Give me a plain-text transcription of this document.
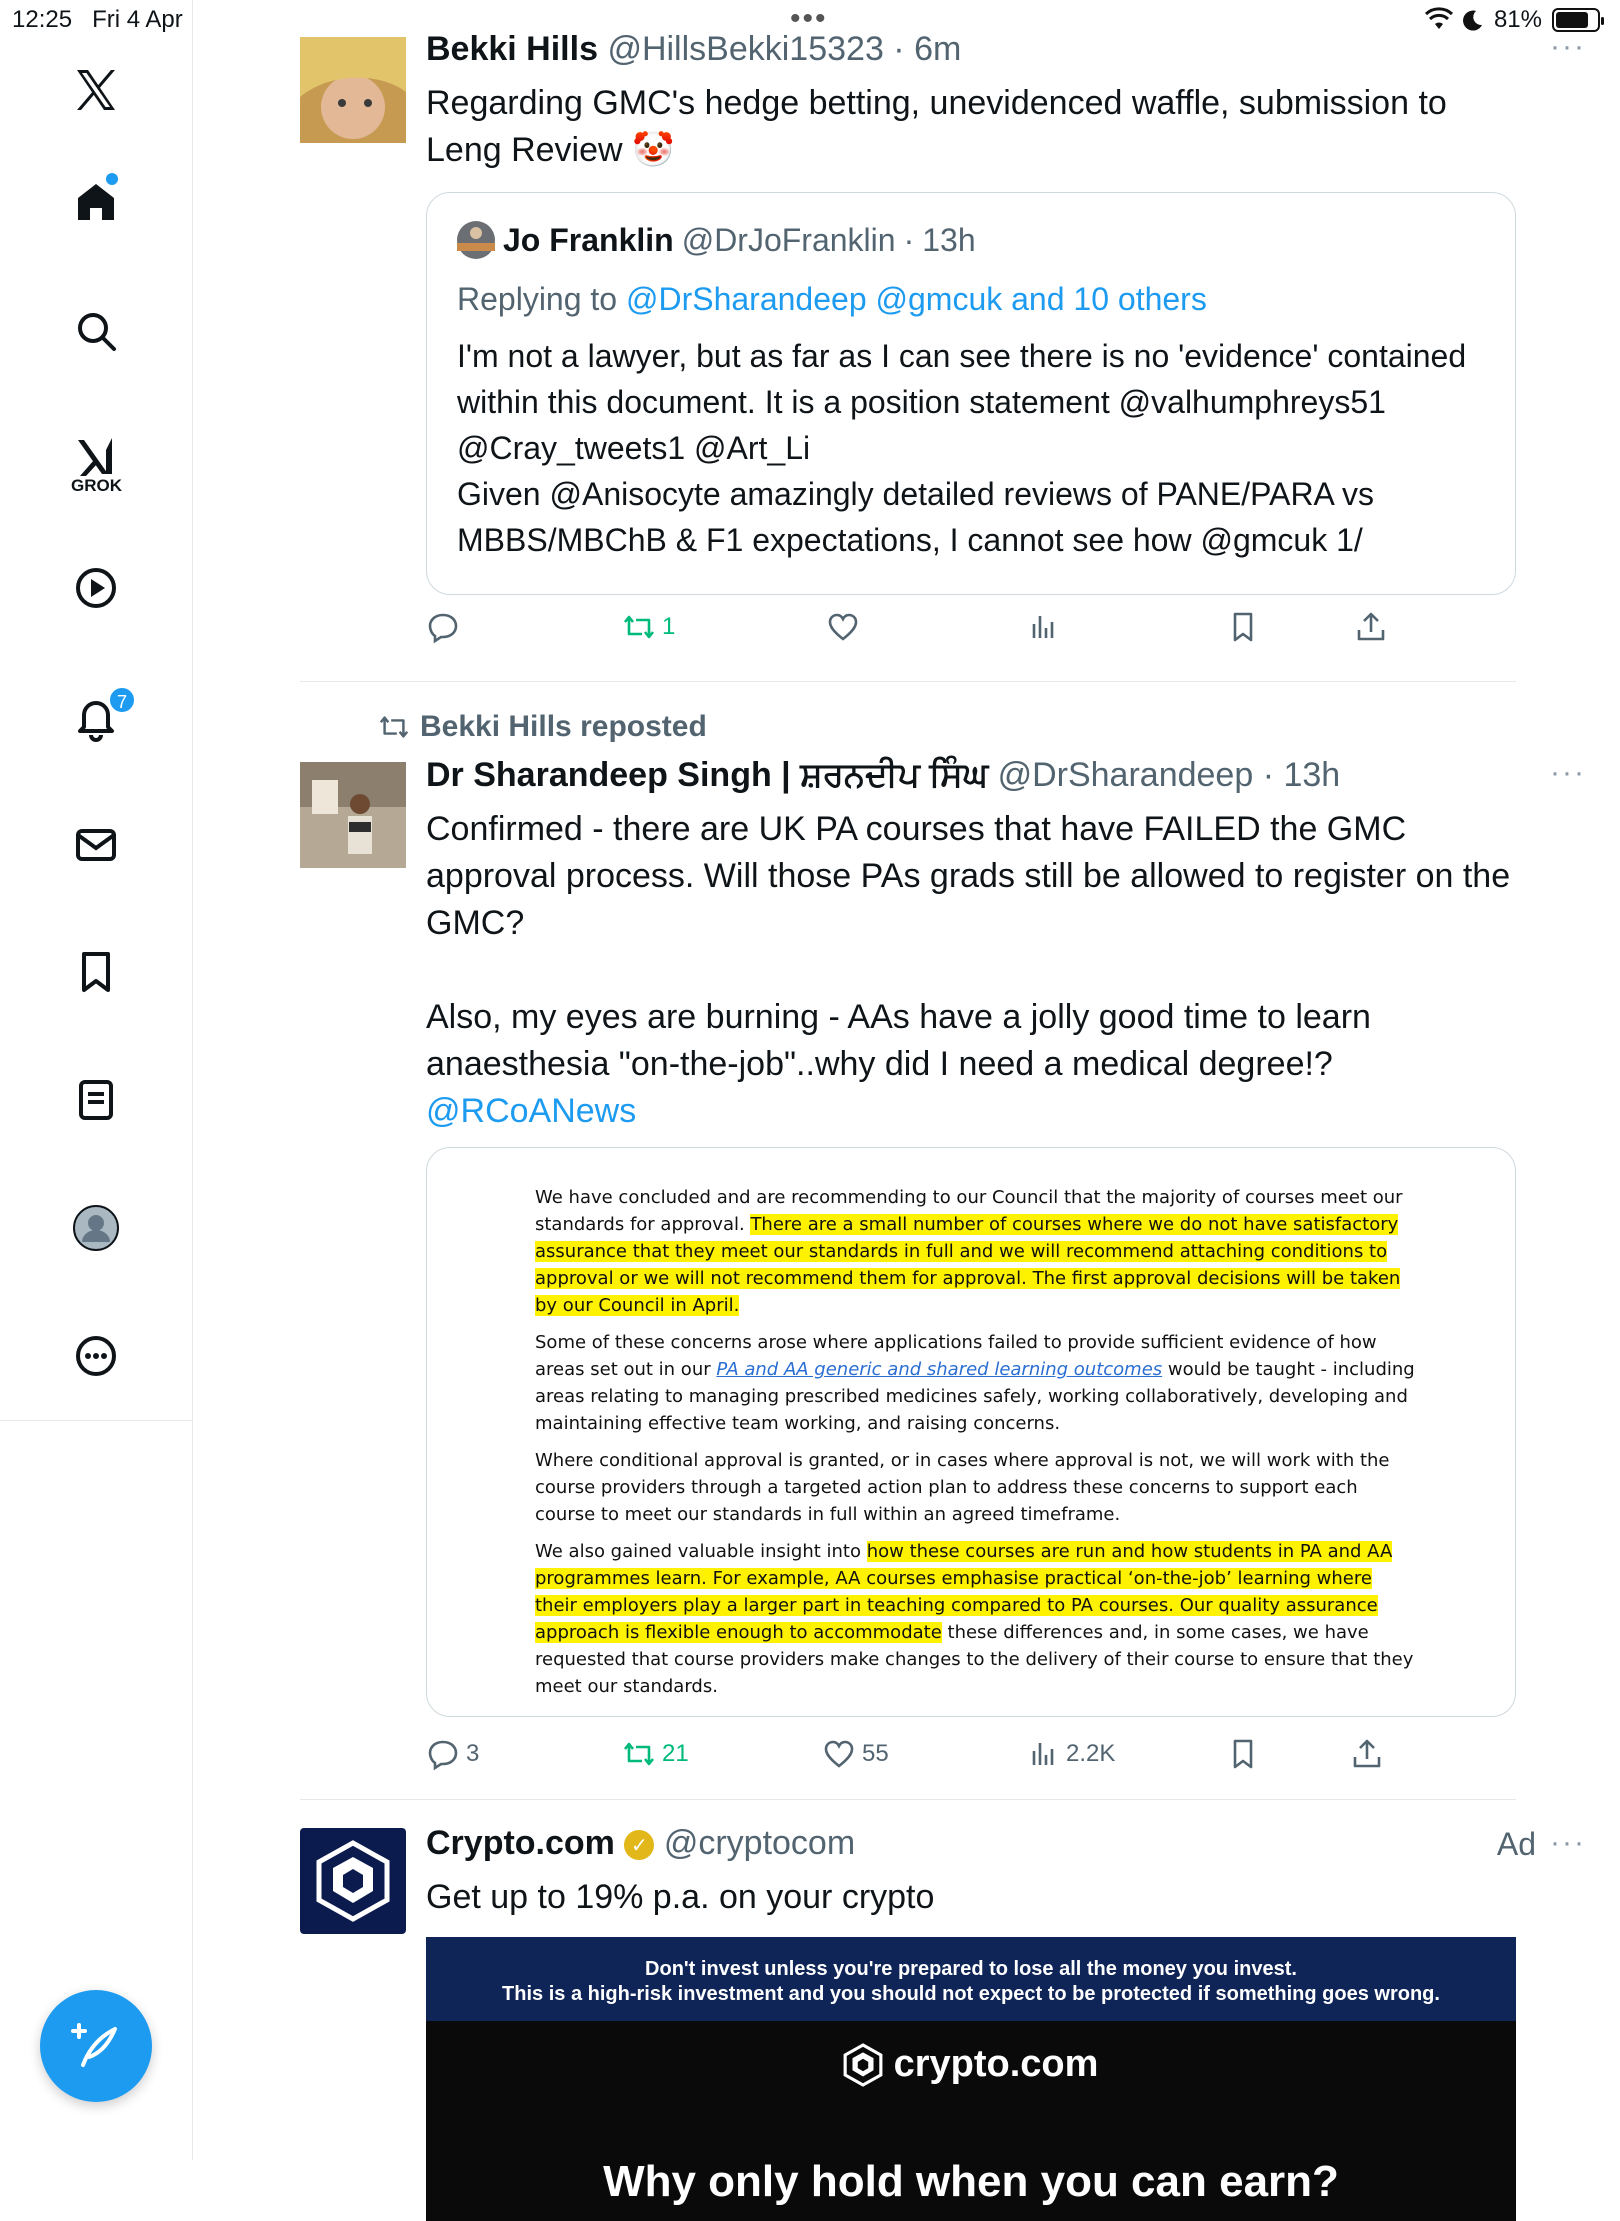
12:25 Fri 4 Apr	•••	81%
GROK
7
Bekki Hills @HillsBekki15323 · 6m	···
Regarding GMC's hedge betting, unevidenced waffle, submission to Leng Review 🤡
Jo Franklin @DrJoFranklin · 13h
Replying to @DrSharandeep @gmcuk and 10 others
I'm not a lawyer, but as far as I can see there is no 'evidence' contained within this document. It is a position statement @valhumphreys51 @Cray_tweets1 @Art_Li
Given @Anisocyte amazingly detailed reviews of PANE/PARA vs MBBS/MBChB & F1 expectations, I cannot see how @gmcuk 1/
1
Bekki Hills reposted
Dr Sharandeep Singh | ਸ਼ਰਨਦੀਪ ਸਿੰਘ @DrSharandeep · 13h	···
Confirmed - there are UK PA courses that have FAILED the GMC approval process. Will those PAs grads still be allowed to register on the GMC?
Also, my eyes are burning - AAs have a jolly good time to learn anaesthesia "on-the-job"..why did I need a medical degree!?
@RCoANews

We have concluded and are recommending to our Council that the majority of courses meet our standards for approval. There are a small number of courses where we do not have satisfactory assurance that they meet our standards in full and we will recommend attaching conditions to approval or we will not recommend them for approval. The first approval decisions will be taken by our Council in April.

Some of these concerns arose where applications failed to provide sufficient evidence of how areas set out in our PA and AA generic and shared learning outcomes would be taught - including areas relating to managing prescribed medicines safely, working collaboratively, developing and maintaining effective team working, and raising concerns.

Where conditional approval is granted, or in cases where approval is not, we will work with the course providers through a targeted action plan to address these concerns to support each course to meet our standards in full within an agreed timeframe.

We also gained valuable insight into how these courses are run and how students in PA and AA programmes learn. For example, AA courses emphasise practical ‘on-the-job’ learning where their employers play a larger part in teaching compared to PA courses. Our quality assurance approach is flexible enough to accommodate these differences and, in some cases, we have requested that course providers make changes to the delivery of their course to ensure that they meet our standards.

3	21	55	2.2K
Crypto.com ✓ @cryptocom	Ad ···
Get up to 19% p.a. on your crypto
Don't invest unless you're prepared to lose all the money you invest.
This is a high-risk investment and you should not expect to be protected if something goes wrong.
crypto.com
Why only hold when you can earn?
